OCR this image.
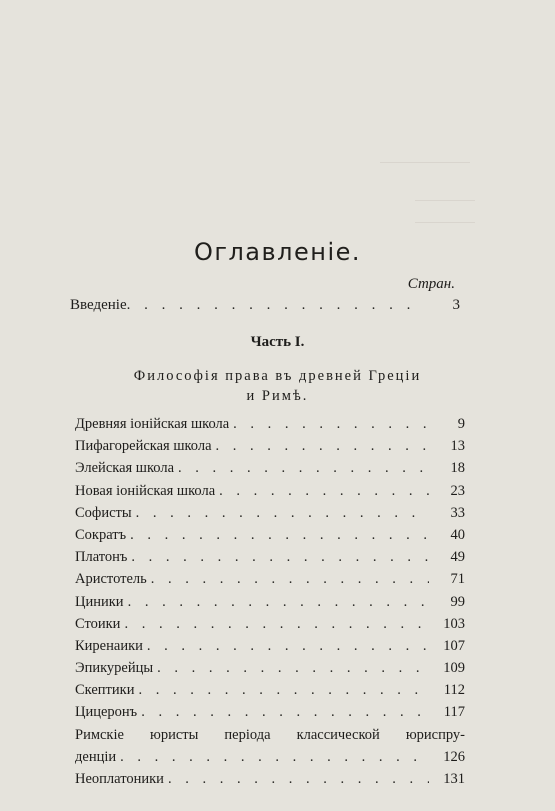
Оглавленіе.
Стран.
Введеніе . . .	3
Часть I.
Философія права въ древней Греціи
и Римѣ.
Древняя іонійская школа . . .	9
Пифагорейская школа . . .	13
Элейская школа . . .	18
Новая іонійская школа . . .	23
Софисты . . .	33
Сократъ . . .	40
Платонъ . . .	49
Аристотель . . .	71
Циники . . .	99
Стоики . . .	103
Киренаики . . .	107
Эпикурейцы . . .	109
Скептики . . .	112
Цицеронъ . . .	117
Римскіе юристы періода классической юриспру-
денціи . . .	126
Неоплатоники . . .	131
